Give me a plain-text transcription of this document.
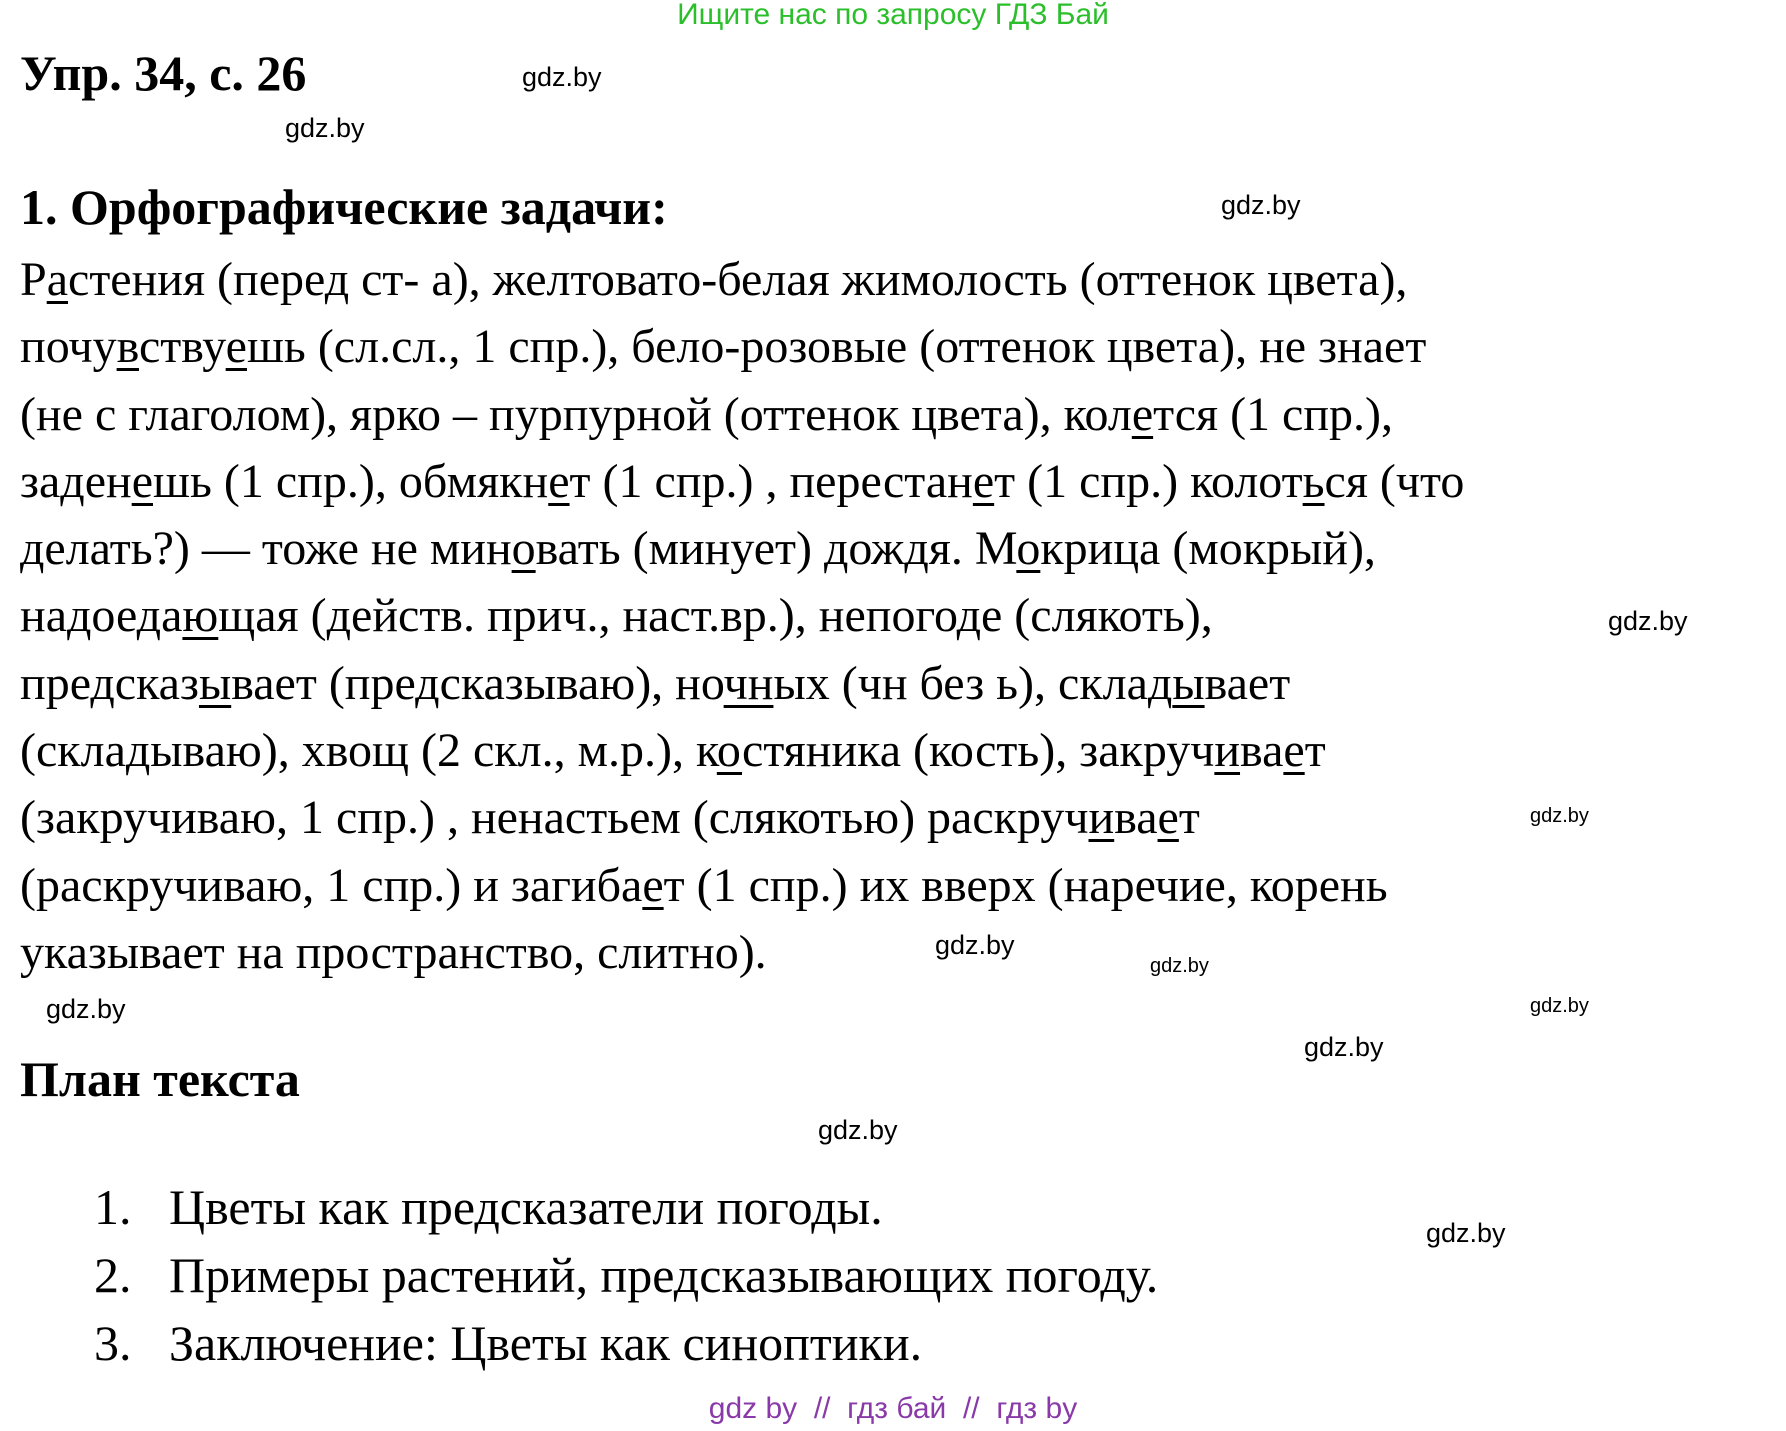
Ищите нас по запросу ГДЗ Бай
Упр. 34, с. 26
1. Орфографические задачи:
Растения (перед ст- а), желтовато-белая жимолость (оттенок цвета),
почувствуешь (сл.сл., 1 спр.), бело-розовые (оттенок цвета), не знает
(не с глаголом), ярко – пурпурной (оттенок цвета), колется (1 спр.),
заденешь (1 спр.), обмякнет (1 спр.) , перестанет (1 спр.) колоться (что
делать?) — тоже не миновать (минует) дождя. Мокрица (мокрый),
надоедающая (действ. прич., наст.вр.), непогоде (слякоть),
предсказывает (предсказываю), ночных (чн без ь), складывает
(складываю), хвощ (2 скл., м.р.), костяника (кость), закручивает
(закручиваю, 1 спр.) , ненастьем (слякотью) раскручивает
(раскручиваю, 1 спр.) и загибает (1 спр.) их вверх (наречие, корень
указывает на пространство, слитно).
План текста
1. Цветы как предсказатели погоды.
2. Примеры растений, предсказывающих погоду.
3. Заключение: Цветы как синоптики.
gdz.by
gdz.by
gdz.by
gdz.by
gdz.by
gdz.by
gdz.by
gdz.by
gdz.by
gdz.by
gdz.by
gdz.by
gdz by  //  гдз бай  //  гдз by
